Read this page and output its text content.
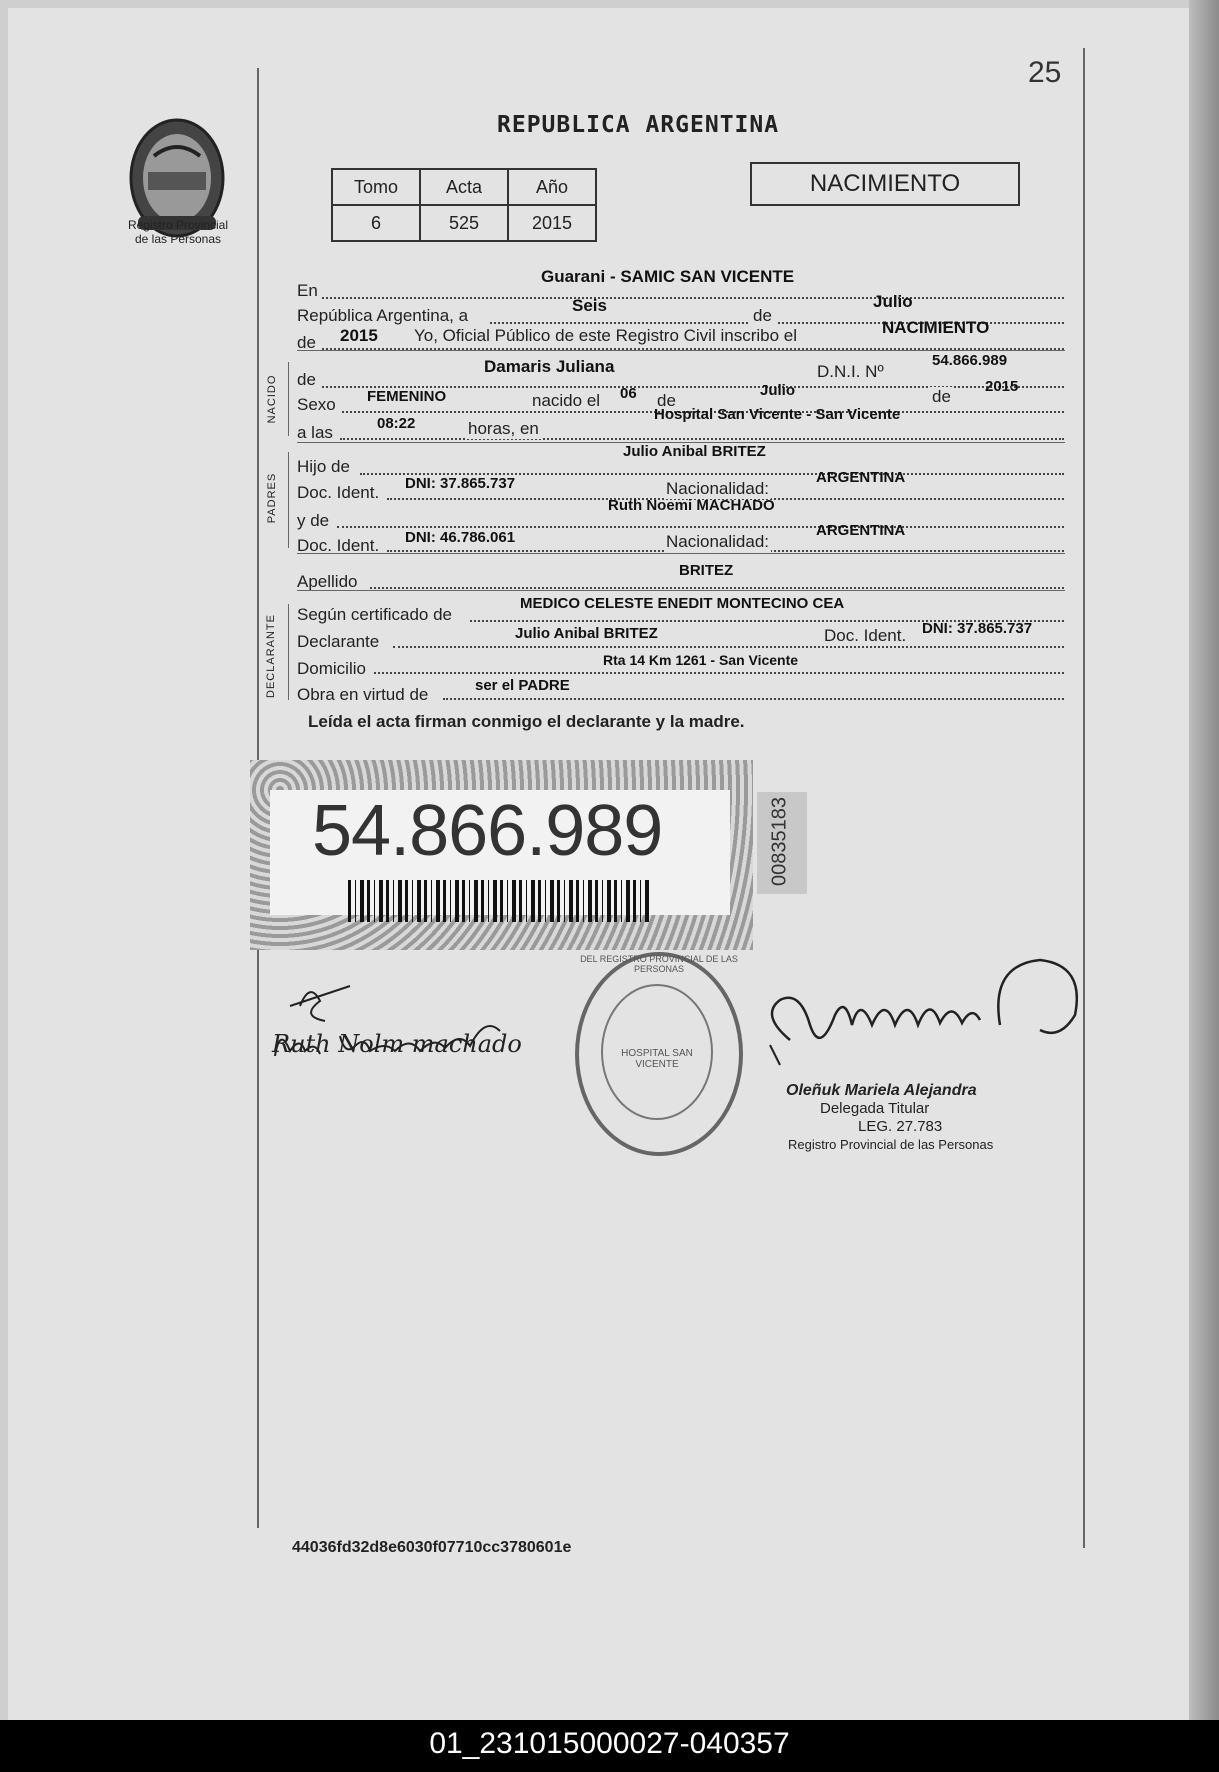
25
Registro Provincial
de las Personas
REPUBLICA ARGENTINA
Tomo	Acta	Año
6	525	2015
NACIMIENTO
En
Guarani - SAMIC SAN VICENTE
República Argentina, a
Seis
de
Julio
de 2015 Yo, Oficial Público de este Registro Civil inscribo el	NACIMIENTO
NACIDO de
Damaris Juliana	D.N.I. Nº
54.866.989
Sexo FEMENINO	nacido el 06 de
Julio	de
2015
a las	08:22	horas, en
Hospital San Vicente - San Vicente
PADRES
Hijo de
Julio Anibal BRITEZ
Doc. Ident. DNI: 37.865.737	Nacionalidad:
ARGENTINA
y de
Ruth Noemi MACHADO
Doc. Ident. DNI: 46.786.061	Nacionalidad:
ARGENTINA
Apellido
BRITEZ
DECLARANTE Según certificado de
MEDICO CELESTE ENEDIT MONTECINO CEA
Declarante	Julio Anibal BRITEZ	Doc. Ident. DNI: 37.865.737
Domicilio	Rta 14 Km 1261 - San Vicente
Obra en virtud de	ser el PADRE
Leída el acta firman conmigo el declarante y la madre.
54.866.989	00835183
HOSPITAL SAN VICENTE
DEL REGISTRO PROVINCIAL DE LAS PERSONAS
Oleñuk Mariela Alejandra
Delegada Titular
LEG. 27.783
Registro Provincial de las Personas
Ruth Nolm machado
44036fd32d8e6030f07710cc3780601e
01_231015000027-040357
